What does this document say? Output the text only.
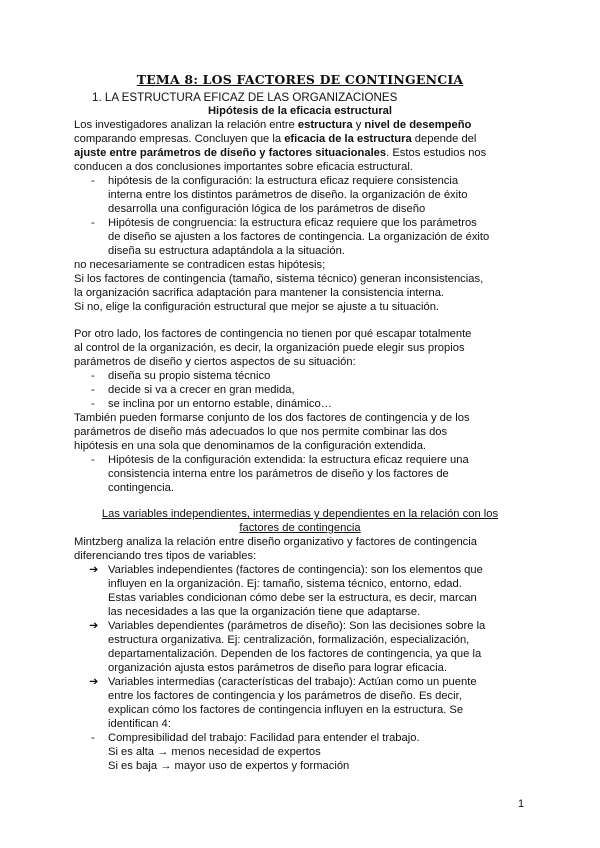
TEMA 8: LOS FACTORES DE CONTINGENCIA
1. LA ESTRUCTURA EFICAZ DE LAS ORGANIZACIONES
Hipótesis de la eficacia estructural
Los investigadores analizan la relación entre estructura y nivel de desempeño
comparando empresas. Concluyen que la eficacia de la estructura depende del
ajuste entre parámetros de diseño y factores situacionales. Estos estudios nos
conducen a dos conclusiones importantes sobre eficacia estructural.
- hipótesis de la configuración: la estructura eficaz requiere consistencia
interna entre los distintos parámetros de diseño. la organización de éxito
desarrolla una configuración lógica de los parámetros de diseño
- Hipótesis de congruencia: la estructura eficaz requiere que los parámetros
de diseño se ajusten a los factores de contingencia. La organización de éxito
diseña su estructura adaptándola a la situación.
no necesariamente se contradicen estas hipótesis;
Si los factores de contingencia (tamaño, sistema técnico) generan inconsistencias,
la organización sacrifica adaptación para mantener la consistencia interna.
Si no, elige la configuración estructural que mejor se ajuste a tu situación.
Por otro lado, los factores de contingencia no tienen por qué escapar totalmente
al control de la organización, es decir, la organización puede elegir sus propios
parámetros de diseño y ciertos aspectos de su situación:
- diseña su propio sistema técnico
- decide si va a crecer en gran medida,
- se inclina por un entorno estable, dinámico…
También pueden formarse conjunto de los dos factores de contingencia y de los
parámetros de diseño más adecuados lo que nos permite combinar las dos
hipótesis en una sola que denominamos de la configuración extendida.
- Hipótesis de la configuración extendida: la estructura eficaz requiere una
consistencia interna entre los parámetros de diseño y los factores de
contingencia.
Las variables independientes, intermedias y dependientes en la relación con los
factores de contingencia
Mintzberg analiza la relación entre diseño organizativo y factores de contingencia
diferenciando tres tipos de variables:
➔ Variables independientes (factores de contingencia): son los elementos que
influyen en la organización. Ej: tamaño, sistema técnico, entorno, edad.
Estas variables condicionan cómo debe ser la estructura, es decir, marcan
las necesidades a las que la organización tiene que adaptarse.
➔ Variables dependientes (parámetros de diseño): Son las decisiones sobre la
estructura organizativa. Ej: centralización, formalización, especialización,
departamentalización. Dependen de los factores de contingencia, ya que la
organización ajusta estos parámetros de diseño para lograr eficacia.
➔ Variables intermedias (características del trabajo): Actúan como un puente
entre los factores de contingencia y los parámetros de diseño. Es decir,
explican cómo los factores de contingencia influyen en la estructura. Se
identifican 4:
- Compresibilidad del trabajo: Facilidad para entender el trabajo.
Si es alta → menos necesidad de expertos
Si es baja → mayor uso de expertos y formación
1
